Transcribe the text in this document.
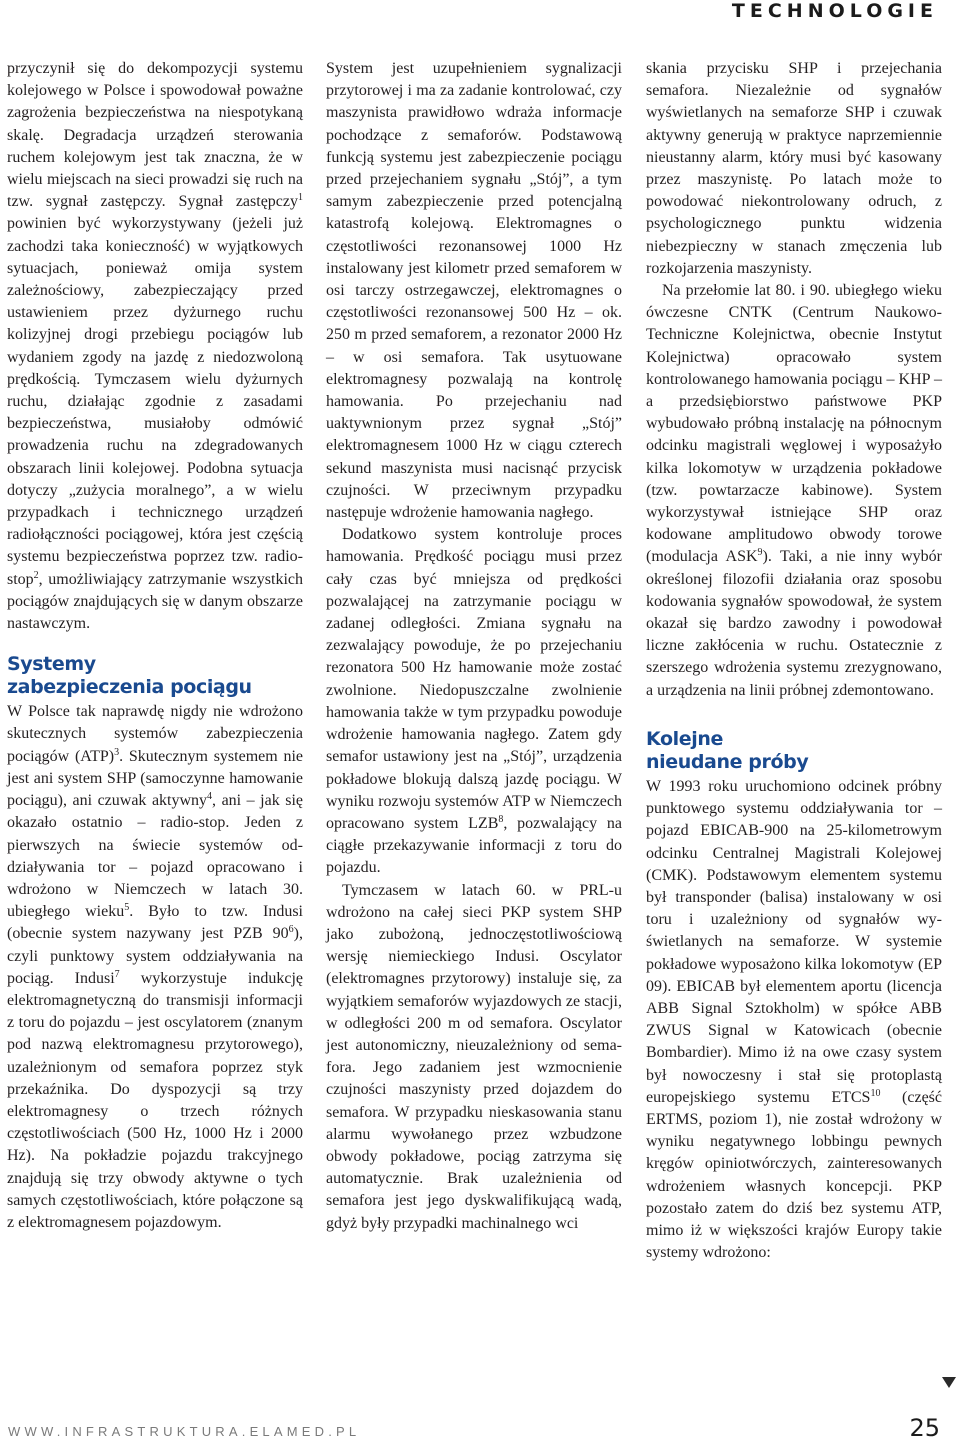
TECHNOLOGIE

przyczynił się do dekompozycji systemu kolejowego w Polsce i spowodował poważne zagrożenia bezpieczeństwa na niespotykaną skalę. Degradacja urządzeń sterowania ruchem kolejowym jest tak znaczna, że w wielu miejscach na sieci prowadzi się ruch na tzw. sygnał zastępczy. Sygnał zastępczy$^1$ powinien być wykorzystywany (jeżeli już zachodzi taka konieczność) w wyjątkowych sytuacjach, ponieważ omija system zależnościowy, zabezpieczający przed ustawieniem przez dyżurnego ruchu kolizyjnej drogi przebiegu pociągów lub wydaniem zgody na jazdę z niedozwoloną prędkością. Tymczasem wielu dyżurnych ruchu, działając zgodnie z zasadami bezpieczeństwa, musiałoby odmówić prowadzenia ruchu na zdegradowanych obszarach linii kolejowej. Podobna sytuacja dotyczy „zużycia moralnego”, a w wielu przypadkach i technicznego urządzeń radiołączności pociągowej, która jest częścią systemu bezpieczeństwa poprzez tzw. radio-stop$^2$, umożliwiający zatrzymanie wszystkich pociągów znajdujących się w danym obszarze nastawczym.

Systemy
zabezpieczenia pociągu

W Polsce tak naprawdę nigdy nie wdrożono skutecznych systemów zabezpieczenia pociągów (ATP)$^3$. Skutecznym systemem nie jest ani system SHP (samoczynne hamowanie pociągu), ani czuwak aktywny$^4$, ani – jak się okazało ostatnio – radio-stop. Jeden z pierwszych na świecie systemów oddziaływania tor – pojazd opracowano i wdrożono w Niemczech w latach 30. ubiegłego wieku$^5$. Było to tzw. Indusi (obecnie system nazywany jest PZB $90^6$), czyli punktowy system oddziaływania na pociąg. Indusi$^7$ wykorzystuje indukcję elektromagnetyczną do transmisji informacji z toru do pojazdu – jest oscylatorem (znanym pod nazwą elektromagnesu przytorowego), uzależnionym od semafora poprzez styk przekaźnika. Do dyspozycji są trzy elektromagnesy o trzech różnych częstotliwościach (500 Hz, 1000 Hz i 2000 Hz). Na pokładzie pojazdu trakcyjnego znajdują się trzy obwody aktywne o tych samych częstotliwościach, które połączone są z elektromagnesem pojazdowym.

System jest uzupełnieniem sygnalizacji przytorowej i ma za zadanie kontrolować, czy maszynista prawidłowo wdraża informacje pochodzące z semaforów. Podstawową funkcją systemu jest zabezpieczenie pociągu przed przejechaniem sygnału „Stój”, a tym samym zabezpieczenie przed potencjalną katastrofą kolejową. Elektromagnes o częstotliwości rezonansowej 1000 Hz instalowany jest kilometr przed semaforem w osi tarczy ostrzegawczej, elektromagnes o częstotliwości rezonansowej 500 Hz – ok. 250 m przed semaforem, a rezonator 2000 Hz – w osi semafora. Tak usytuowane elektromagnesy pozwalają na kontrolę hamowania. Po przejechaniu nad uaktywnionym przez sygnał „Stój” elektromagnesem 1000 Hz w ciągu czterech sekund maszynista musi nacisnąć przycisk czujności. W przeciwnym przypadku następuje wdrożenie hamowania nagłego.

Dodatkowo system kontroluje proces hamowania. Prędkość pociągu musi przez cały czas być mniejsza od prędkości pozwalającej na zatrzymanie pociągu w zadanej odległości. Zmiana sygnału na zezwalający powoduje, że po przejechaniu rezonatora 500 Hz hamowanie może zostać zwolnione. Niedopuszczalne zwolnienie hamowania także w tym przypadku powoduje wdrożenie hamowania nagłego. Zatem gdy semafor ustawiony jest na „Stój”, urządzenia pokładowe blokują dalszą jazdę pociągu. W wyniku rozwoju systemów ATP w Niemczech opracowano system LZB$^8$, pozwalający na ciągłe przekazywanie informacji z toru do pojazdu.

Tymczasem w latach 60. w PRL-u wdrożono na całej sieci PKP system SHP jako zubożoną, jednoczęstotliwościową wersję niemieckiego Indusi. Oscylator (elektromagnes przytorowy) instaluje się, za wyjątkiem semaforów wyjazdowych ze stacji, w odległości 200 m od semafora. Oscylator jest autonomiczny, nieuzależniony od semafora. Jego zadaniem jest wzmocnienie czujności maszynisty przed dojazdem do semafora. W przypadku nieskasowania stanu alarmu wywołanego przez wzbudzone obwody pokładowe, pociąg zatrzyma się automatycznie. Brak uzależnienia od semafora jest jego dyskwalifikującą wadą, gdyż były przypadki machinalnego wci

skania przycisku SHP i przejechania semafora. Niezależnie od sygnałów wyświetlanych na semaforze SHP i czuwak aktywny generują w praktyce naprzemiennie nieustanny alarm, który musi być kasowany przez maszynistę. Po latach może to powodować niekontrolowany odruch, z psychologicznego punktu widzenia niebezpieczny w stanach zmęczenia lub rozkojarzenia maszynisty.

Na przełomie lat 80. i 90. ubiegłego wieku ówczesne CNTK (Centrum Naukowo-Techniczne Kolejnictwa, obecnie Instytut Kolejnictwa) opracowało system kontrolowanego hamowania pociągu – KHP – a przedsiębiorstwo państwowe PKP wybudowało próbną instalację na północnym odcinku magistrali węglowej i wyposażyło kilka lokomotyw w urządzenia pokładowe (tzw. powtarzacze kabinowe). System wykorzystywał istniejące SHP oraz kodowane amplitudowo obwody torowe (modulacja ASK$^9$). Taki, a nie inny wybór określonej filozofii działania oraz sposobu kodowania sygnałów spowodował, że system okazał się bardzo zawodny i powodował liczne zakłócenia w ruchu. Ostatecznie z szerszego wdrożenia systemu zrezygnowano, a urządzenia na linii próbnej zdemontowano.

Kolejne
nieudane próby

W 1993 roku uruchomiono odcinek próbny punktowego systemu oddziaływania tor – pojazd EBICAB-900 na 25-kilometrowym odcinku Centralnej Magistrali Kolejowej (CMK). Podstawowym elementem systemu był transponder (balisa) instalowany w osi toru i uzależniony od sygnałów wyświetlanych na semaforze. W systemie pokładowe wyposażono kilka lokomotyw (EP 09). EBICAB był elementem aportu (licencja ABB Signal Sztokholm) w spółce ABB ZWUS Signal w Katowicach (obecnie Bombardier). Mimo iż na owe czasy system był nowoczesny i stał się protoplastą europejskiego systemu ETCS$^{10}$ (część ERTMS, poziom 1), nie został wdrożony w wyniku negatywnego lobbingu pewnych kręgów opiniotwórczych, zainteresowanych wdrożeniem własnych koncepcji. PKP pozostało zatem do dziś bez systemu ATP, mimo iż w większości krajów Europy takie systemy wdrożono:

WWW.INFRASTRUKTURA.ELAMED.PL	25
